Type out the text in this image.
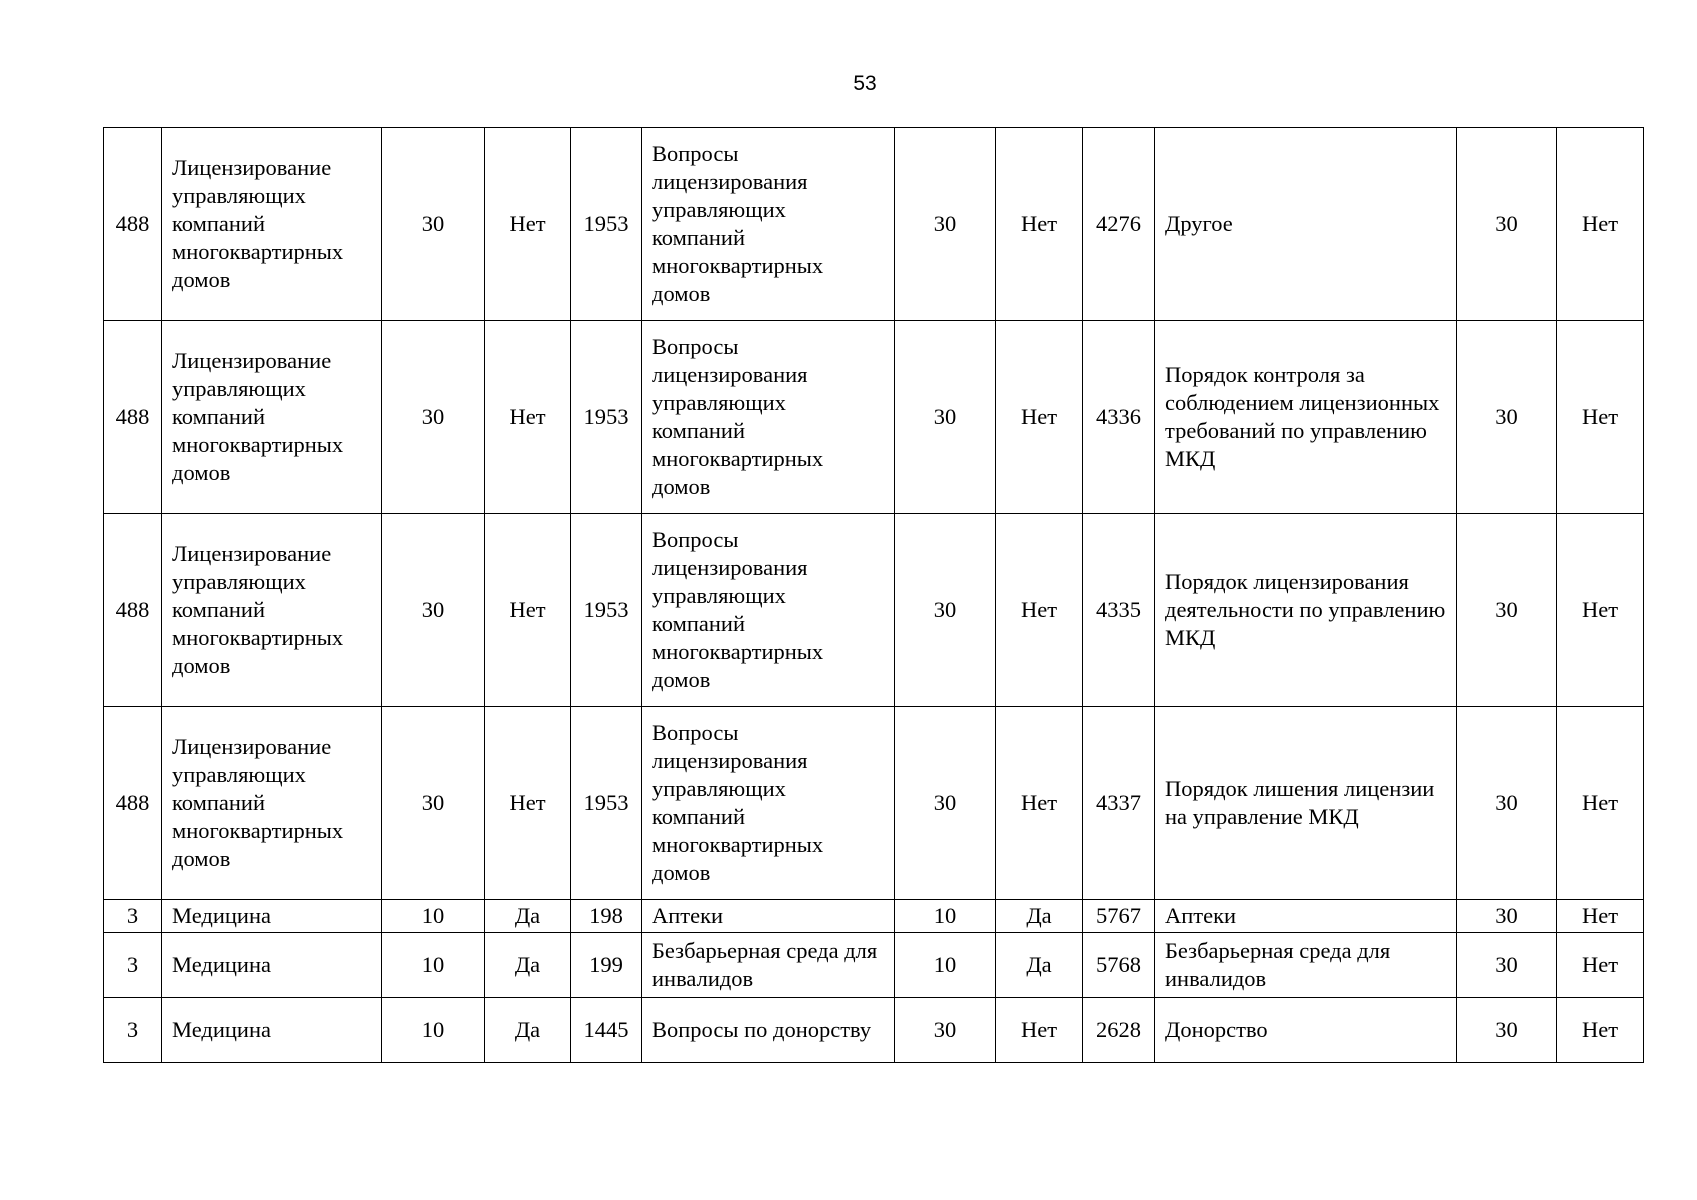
53
488	Лицензирование управляющих компаний многоквартирных домов	30	Нет	1953	Вопросы лицензирования управляющих компаний многоквартирных домов	30	Нет	4276	Другое	30	Нет
488	Лицензирование управляющих компаний многоквартирных домов	30	Нет	1953	Вопросы лицензирования управляющих компаний многоквартирных домов	30	Нет	4336	Порядок контроля за соблюдением лицензионных требований по управлению МКД	30	Нет
488	Лицензирование управляющих компаний многоквартирных домов	30	Нет	1953	Вопросы лицензирования управляющих компаний многоквартирных домов	30	Нет	4335	Порядок лицензирования деятельности по управлению МКД	30	Нет
488	Лицензирование управляющих компаний многоквартирных домов	30	Нет	1953	Вопросы лицензирования управляющих компаний многоквартирных домов	30	Нет	4337	Порядок лишения лицензии на управление МКД	30	Нет
3	Медицина	10	Да	198	Аптеки	10	Да	5767	Аптеки	30	Нет
3	Медицина	10	Да	199	Безбарьерная среда для инвалидов	10	Да	5768	Безбарьерная среда для инвалидов	30	Нет
3	Медицина	10	Да	1445	Вопросы по донорству	30	Нет	2628	Донорство	30	Нет
